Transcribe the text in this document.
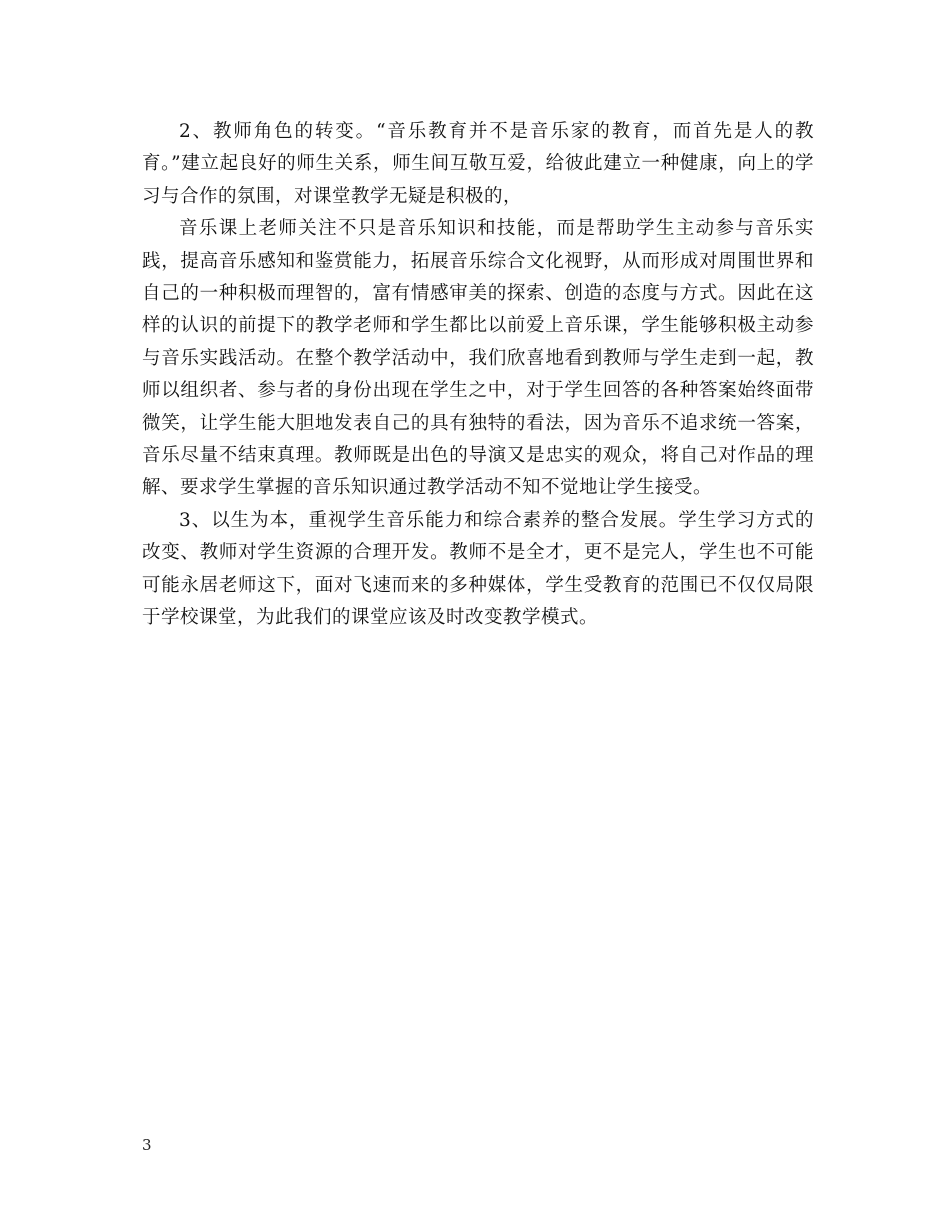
2、教师角色的转变。“音乐教育并不是音乐家的教育，而首先是人的教育。”建立起良好的师生关系，师生间互敬互爱，给彼此建立一种健康，向上的学习与合作的氛围，对课堂教学无疑是积极的，

音乐课上老师关注不只是音乐知识和技能，而是帮助学生主动参与音乐实践，提高音乐感知和鉴赏能力，拓展音乐综合文化视野，从而形成对周围世界和自己的一种积极而理智的，富有情感审美的探索、创造的态度与方式。因此在这样的认识的前提下的教学老师和学生都比以前爱上音乐课，学生能够积极主动参与音乐实践活动。在整个教学活动中，我们欣喜地看到教师与学生走到一起，教师以组织者、参与者的身份出现在学生之中，对于学生回答的各种答案始终面带微笑，让学生能大胆地发表自己的具有独特的看法，因为音乐不追求统一答案，音乐尽量不结束真理。教师既是出色的导演又是忠实的观众，将自己对作品的理解、要求学生掌握的音乐知识通过教学活动不知不觉地让学生接受。

3、以生为本，重视学生音乐能力和综合素养的整合发展。学生学习方式的改变、教师对学生资源的合理开发。教师不是全才，更不是完人，学生也不可能可能永居老师这下，面对飞速而来的多种媒体，学生受教育的范围已不仅仅局限于学校课堂，为此我们的课堂应该及时改变教学模式。

3
